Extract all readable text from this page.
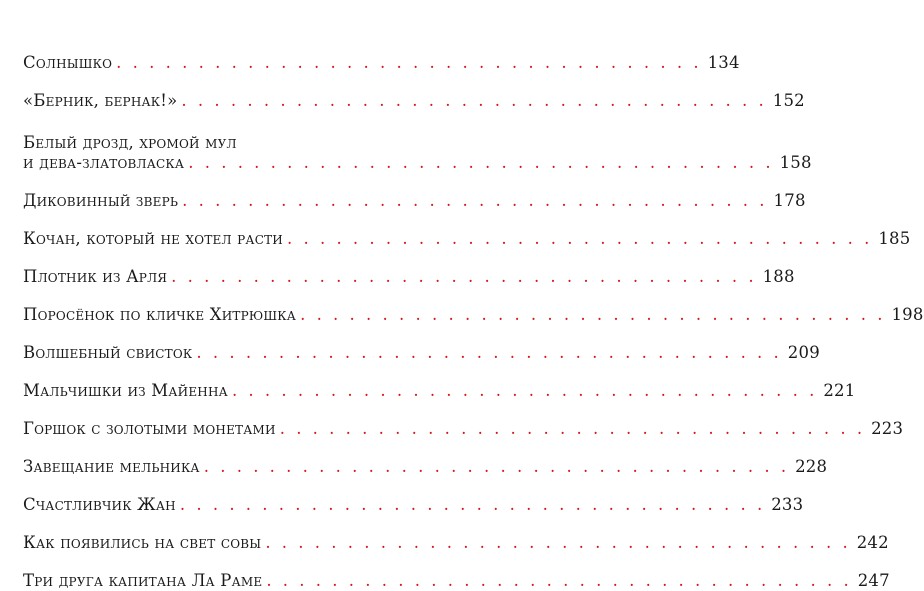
Солнышко . . . . . . . . . . . . . . . . . . . . . . . . . . . . . . . . . . . . 134
«Берник, бернак!» . . . . . . . . . . . . . . . . . . . . . . . . . . . . . . . . . . . . 152
Белый дрозд, хромой мул
и дева-златовласка . . . . . . . . . . . . . . . . . . . . . . . . . . . . . . . . . . . . 158
Диковинный зверь . . . . . . . . . . . . . . . . . . . . . . . . . . . . . . . . . . . . 178
Кочан, который не хотел расти . . . . . . . . . . . . . . . . . . . . . . . . . . . . . . . . . . . . 185
Плотник из Арля . . . . . . . . . . . . . . . . . . . . . . . . . . . . . . . . . . . . 188
Поросёнок по кличке Хитрюшка . . . . . . . . . . . . . . . . . . . . . . . . . . . . . . . . . . . . 198
Волшебный свисток . . . . . . . . . . . . . . . . . . . . . . . . . . . . . . . . . . . . 209
Мальчишки из Майенна . . . . . . . . . . . . . . . . . . . . . . . . . . . . . . . . . . . . 221
Горшок с золотыми монетами . . . . . . . . . . . . . . . . . . . . . . . . . . . . . . . . . . . . 223
Завещание мельника . . . . . . . . . . . . . . . . . . . . . . . . . . . . . . . . . . . . 228
Счастливчик Жан . . . . . . . . . . . . . . . . . . . . . . . . . . . . . . . . . . . . 233
Как появились на свет совы . . . . . . . . . . . . . . . . . . . . . . . . . . . . . . . . . . . . 242
Три друга капитана Ла Раме . . . . . . . . . . . . . . . . . . . . . . . . . . . . . . . . . . . . 247
